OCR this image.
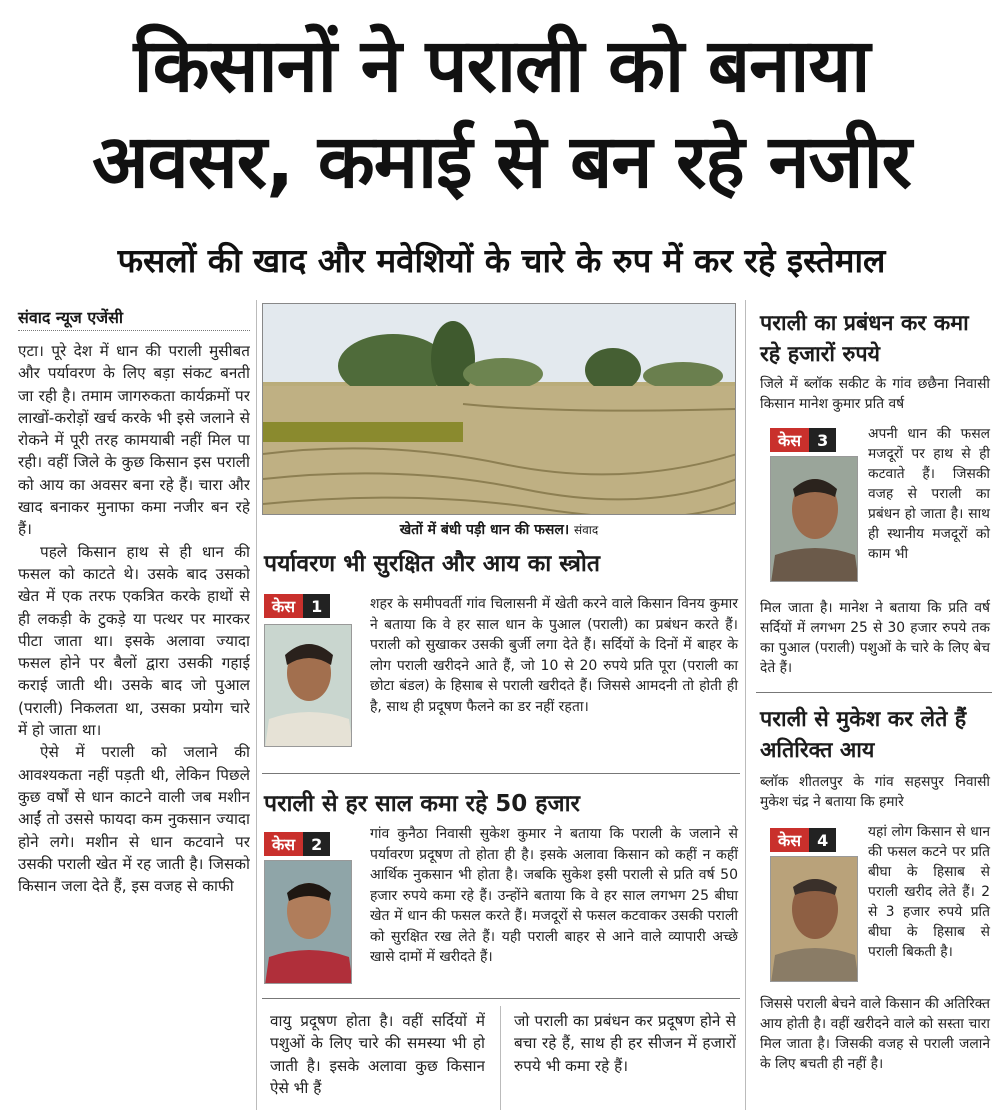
किसानों ने पराली को बनाया
अवसर, कमाई से बन रहे नजीर
फसलों की खाद और मवेशियों के चारे के रुप में कर रहे इस्तेमाल
संवाद न्यूज एजेंसी

एटा। पूरे देश में धान की पराली मुसीबत और पर्यावरण के लिए बड़ा संकट बनती जा रही है। तमाम जागरुकता कार्यक्रमों पर लाखों-करोड़ों खर्च करके भी इसे जलाने से रोकने में पूरी तरह कामयाबी नहीं मिल पा रही। वहीं जिले के कुछ किसान इस पराली को आय का अवसर बना रहे हैं। चारा और खाद बनाकर मुनाफा कमा नजीर बन रहे हैं।

पहले किसान हाथ से ही धान की फसल को काटते थे। उसके बाद उसको खेत में एक तरफ एकत्रित करके हाथों से ही लकड़ी के टुकड़े या पत्थर पर मारकर पीटा जाता था। इसके अलावा ज्यादा फसल होने पर बैलों द्वारा उसकी गहाई कराई जाती थी। उसके बाद जो पुआल (पराली) निकलता था, उसका प्रयोग चारे में हो जाता था।

ऐसे में पराली को जलाने की आवश्यकता नहीं पड़ती थी, लेकिन पिछले कुछ वर्षों से धान काटने वाली जब मशीन आईं तो उससे फायदा कम नुकसान ज्यादा होने लगे। मशीन से धान कटवाने पर उसकी पराली खेत में रह जाती है। जिसको किसान जला देते हैं, इस वजह से काफी

खेतों में बंधी पड़ी धान की फसल। संवाद
पर्यावरण भी सुरक्षित और आय का स्त्रोत
केस	1	शहर के समीपवर्ती गांव चिलासनी में खेती करने वाले किसान विनय कुमार ने बताया कि वे हर साल धान के पुआल (पराली) का प्रबंधन करते हैं। पराली को सुखाकर उसकी बुर्जी लगा देते हैं। सर्दियों के दिनों में बाहर के लोग पराली खरीदने आते हैं, जो 10 से 20 रुपये प्रति पूरा (पराली का छोटा बंडल) के हिसाब से पराली खरीदते हैं। जिससे आमदनी तो होती ही है, साथ ही प्रदूषण फैलने का डर नहीं रहता।

पराली से हर साल कमा रहे 50 हजार
केस	2

गांव कुनैठा निवासी सुकेश कुमार ने बताया कि पराली के जलाने से पर्यावरण प्रदूषण तो होता ही है। इसके अलावा किसान को कहीं न कहीं आर्थिक नुकसान भी होता है। जबकि सुकेश इसी पराली से प्रति वर्ष 50 हजार रुपये कमा रहे हैं। उन्होंने बताया कि वे हर साल लगभग 25 बीघा खेत में धान की फसल करते हैं। मजदूरों से फसल कटवाकर उसकी पराली को सुरक्षित रख लेते हैं। यही पराली बाहर से आने वाले व्यापारी अच्छे खासे दामों में खरीदते हैं।

वायु प्रदूषण होता है। वहीं सर्दियों में पशुओं के लिए चारे की समस्या भी हो जाती है। इसके अलावा कुछ किसान ऐसे भी हैं

जो पराली का प्रबंधन कर प्रदूषण होने से बचा रहे हैं, साथ ही हर सीजन में हजारों रुपये भी कमा रहे हैं।

पराली का प्रबंधन कर कमा रहे हजारों रुपये

जिले में ब्लॉक सकीट के गांव छछैना निवासी किसान मानेश कुमार प्रति वर्ष

केस	3	अपनी धान की फसल मजदूरों पर हाथ से ही कटवाते हैं। जिसकी वजह से पराली का प्रबंधन हो जाता है। साथ ही स्थानीय मजदूरों को काम भी

मिल जाता है। मानेश ने बताया कि प्रति वर्ष सर्दियों में लगभग 25 से 30 हजार रुपये तक का पुआल (पराली) पशुओं के चारे के लिए बेच देते हैं।

पराली से मुकेश कर लेते हैं अतिरिक्त आय

ब्लॉक शीतलपुर के गांव सहसपुर निवासी मुकेश चंद्र ने बताया कि हमारे

केस	4	यहां लोग किसान से धान की फसल कटने पर प्रति बीघा के हिसाब से पराली खरीद लेते हैं। 2 से 3 हजार रुपये प्रति बीघा के हिसाब से पराली बिकती है।

जिससे पराली बेचने वाले किसान की अतिरिक्त आय होती है। वहीं खरीदने वाले को सस्ता चारा मिल जाता है। जिसकी वजह से पराली जलाने के लिए बचती ही नहीं है।
